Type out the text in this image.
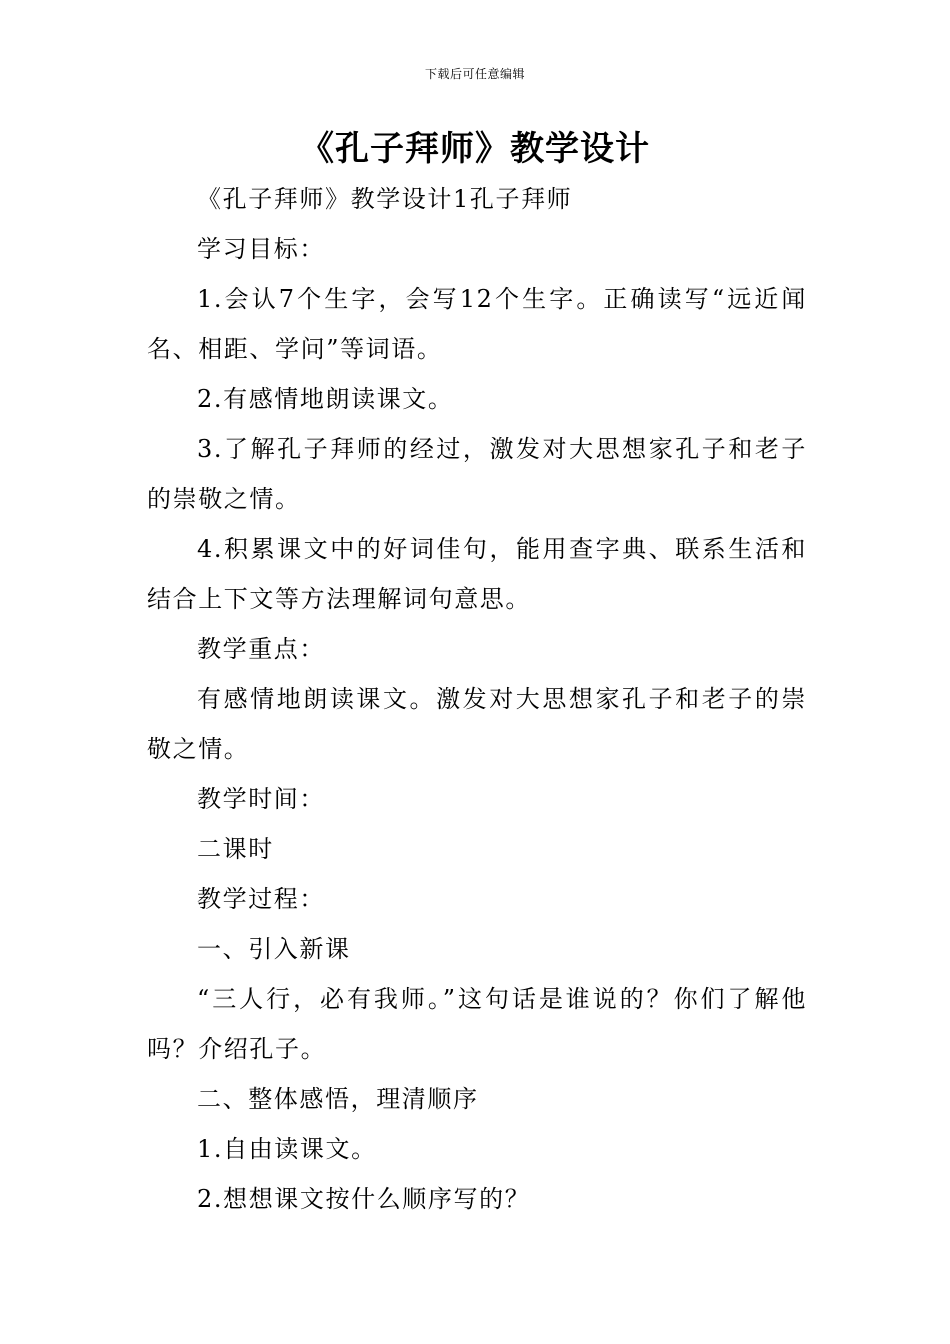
下载后可任意编辑
《孔子拜师》教学设计

《孔子拜师》教学设计1孔子拜师

学习目标：

1.会认7个生字，会写12个生字。正确读写“远近闻名、相距、学问”等词语。

2.有感情地朗读课文。

3.了解孔子拜师的经过，激发对大思想家孔子和老子的崇敬之情。

4.积累课文中的好词佳句，能用查字典、联系生活和结合上下文等方法理解词句意思。

教学重点：

有感情地朗读课文。激发对大思想家孔子和老子的崇敬之情。

教学时间：

二课时

教学过程：

一、引入新课

“三人行，必有我师。”这句话是谁说的？你们了解他吗？介绍孔子。

二、整体感悟，理清顺序

1.自由读课文。

2.想想课文按什么顺序写的？
